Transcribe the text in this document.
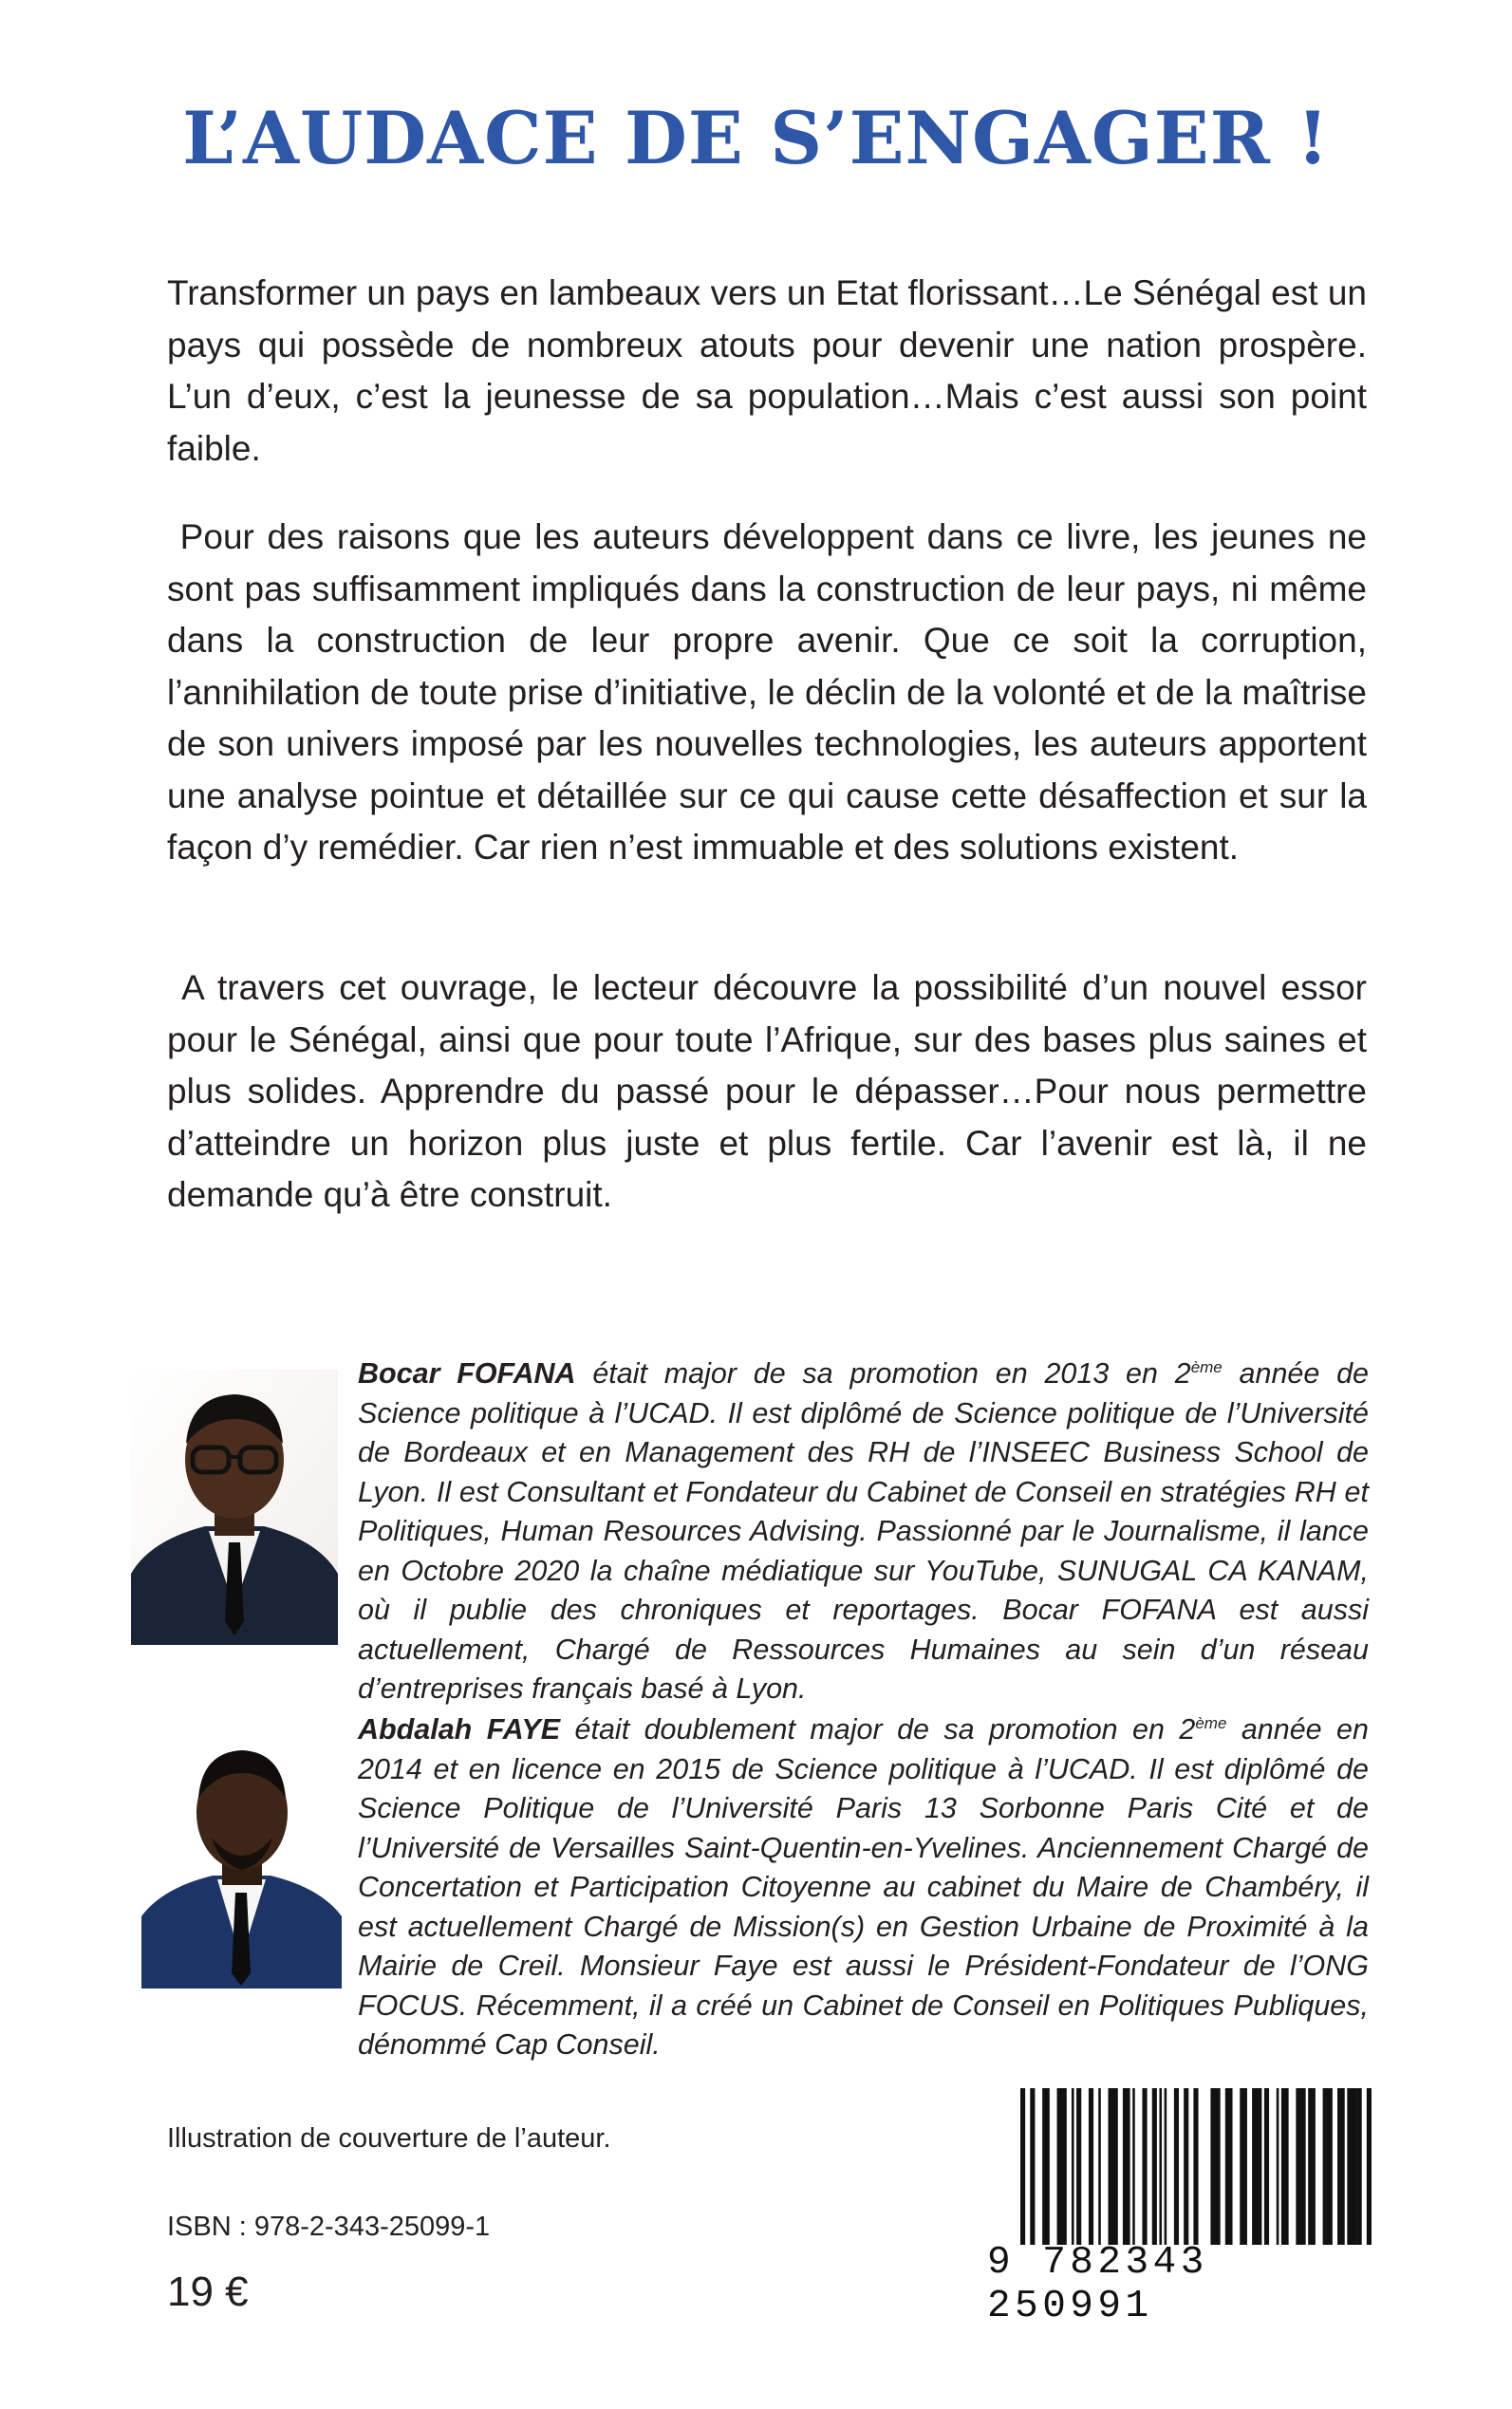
L’AUDACE DE S’ENGAGER !

Transformer un pays en lambeaux vers un Etat florissant…Le Sénégal est un pays qui possède de nombreux atouts pour devenir une nation prospère. L’un d’eux, c’est la jeunesse de sa population…Mais c’est aussi son point faible.

Pour des raisons que les auteurs développent dans ce livre, les jeunes ne sont pas suffisamment impliqués dans la construction de leur pays, ni même dans la construction de leur propre avenir. Que ce soit la corruption, l’annihilation de toute prise d’initiative, le déclin de la volonté et de la maîtrise de son univers imposé par les nouvelles technologies, les auteurs apportent une analyse pointue et détaillée sur ce qui cause cette désaffection et sur la façon d’y remédier. Car rien n’est immuable et des solutions existent.

A travers cet ouvrage, le lecteur découvre la possibilité d’un nouvel essor pour le Sénégal, ainsi que pour toute l’Afrique, sur des bases plus saines et plus solides. Apprendre du passé pour le dépasser…Pour nous permettre d’atteindre un horizon plus juste et plus fertile. Car l’avenir est là, il ne demande qu’à être construit.

Bocar FOFANA était major de sa promotion en 2013 en 2ème année de Science politique à l’UCAD. Il est diplômé de Science politique de l’Université de Bordeaux et en Management des RH de l’INSEEC Business School de Lyon. Il est Consultant et Fondateur du Cabinet de Conseil en stratégies RH et Politiques, Human Resources Advising. Passionné par le Journalisme, il lance en Octobre 2020 la chaîne médiatique sur YouTube, SUNUGAL CA KANAM, où il publie des chroniques et reportages. Bocar FOFANA est aussi actuellement, Chargé de Ressources Humaines au sein d’un réseau d’entreprises français basé à Lyon.

Abdalah FAYE était doublement major de sa promotion en 2ème année en 2014 et en licence en 2015 de Science politique à l’UCAD. Il est diplômé de Science Politique de l’Université Paris 13 Sorbonne Paris Cité et de l’Université de Versailles Saint-Quentin-en-Yvelines. Anciennement Chargé de Concertation et Participation Citoyenne au cabinet du Maire de Chambéry, il est actuellement Chargé de Mission(s) en Gestion Urbaine de Proximité à la Mairie de Creil. Monsieur Faye est aussi le Président-Fondateur de l’ONG FOCUS. Récemment, il a créé un Cabinet de Conseil en Politiques Publiques, dénommé Cap Conseil.

Illustration de couverture de l’auteur.

ISBN : 978-2-343-25099-1

19 €

9 782343 250991
